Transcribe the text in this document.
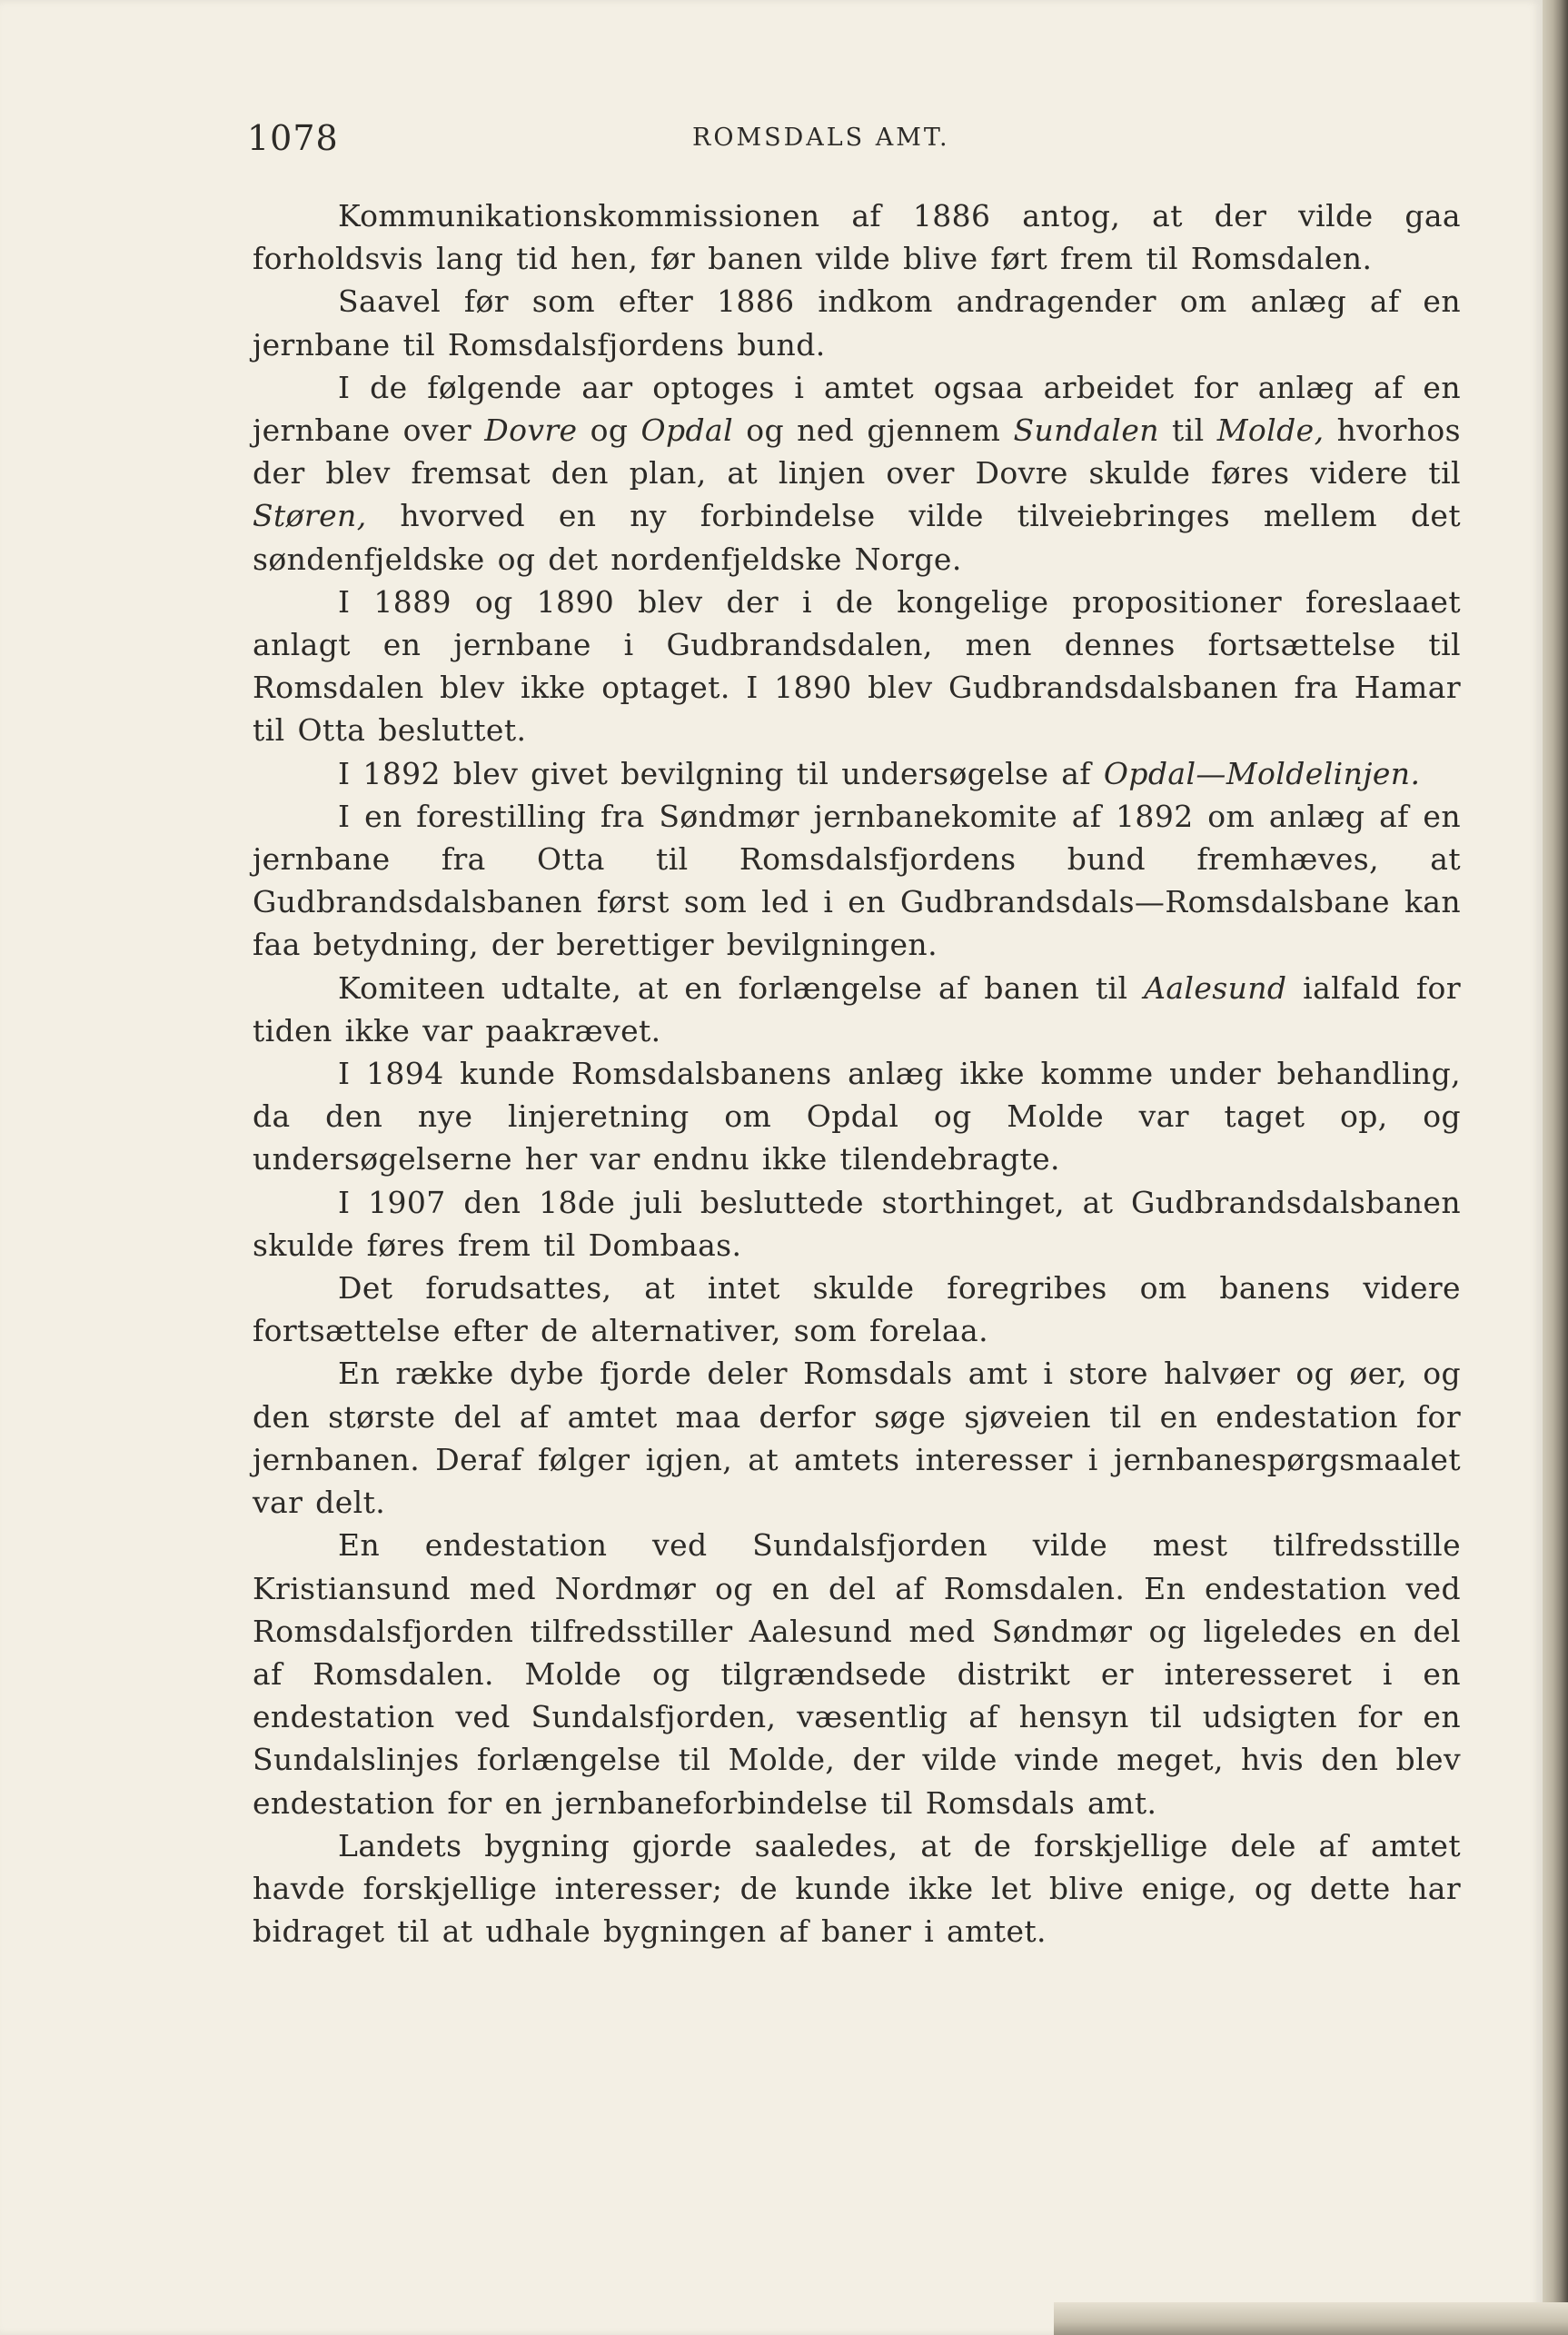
1078	ROMSDALS AMT.

Kommunikationskommissionen af 1886 antog, at der vilde gaa forholdsvis lang tid hen, før banen vilde blive ført frem til Romsdalen.

Saavel før som efter 1886 indkom andragender om anlæg af en jernbane til Romsdalsfjordens bund.

I de følgende aar optoges i amtet ogsaa arbeidet for anlæg af en jernbane over Dovre og Opdal og ned gjennem Sundalen til Molde, hvorhos der blev fremsat den plan, at linjen over Dovre skulde føres videre til Støren, hvorved en ny forbindelse vilde tilveiebringes mellem det søndenfjeldske og det nordenfjeldske Norge.

I 1889 og 1890 blev der i de kongelige propositioner foreslaaet anlagt en jernbane i Gudbrandsdalen, men dennes fortsættelse til Romsdalen blev ikke optaget. I 1890 blev Gudbrandsdalsbanen fra Hamar til Otta besluttet.

I 1892 blev givet bevilgning til undersøgelse af Opdal—Moldelinjen.

I en forestilling fra Søndmør jernbanekomite af 1892 om anlæg af en jernbane fra Otta til Romsdalsfjordens bund fremhæves, at Gudbrandsdalsbanen først som led i en Gudbrandsdals—Romsdalsbane kan faa betydning, der berettiger bevilgningen.

Komiteen udtalte, at en forlængelse af banen til Aalesund ialfald for tiden ikke var paakrævet.

I 1894 kunde Romsdalsbanens anlæg ikke komme under behandling, da den nye linjeretning om Opdal og Molde var taget op, og undersøgelserne her var endnu ikke tilendebragte.

I 1907 den 18de juli besluttede storthinget, at Gudbrandsdalsbanen skulde føres frem til Dombaas.

Det forudsattes, at intet skulde foregribes om banens videre fortsættelse efter de alternativer, som forelaa.

En række dybe fjorde deler Romsdals amt i store halvøer og øer, og den største del af amtet maa derfor søge sjøveien til en endestation for jernbanen. Deraf følger igjen, at amtets interesser i jernbanespørgsmaalet var delt.

En endestation ved Sundalsfjorden vilde mest tilfredsstille Kristiansund med Nordmør og en del af Romsdalen. En endestation ved Romsdalsfjorden tilfredsstiller Aalesund med Søndmør og ligeledes en del af Romsdalen. Molde og tilgrændsede distrikt er interesseret i en endestation ved Sundalsfjorden, væsentlig af hensyn til udsigten for en Sundalslinjes forlængelse til Molde, der vilde vinde meget, hvis den blev endestation for en jernbaneforbindelse til Romsdals amt.

Landets bygning gjorde saaledes, at de forskjellige dele af amtet havde forskjellige interesser; de kunde ikke let blive enige, og dette har bidraget til at udhale bygningen af baner i amtet.
